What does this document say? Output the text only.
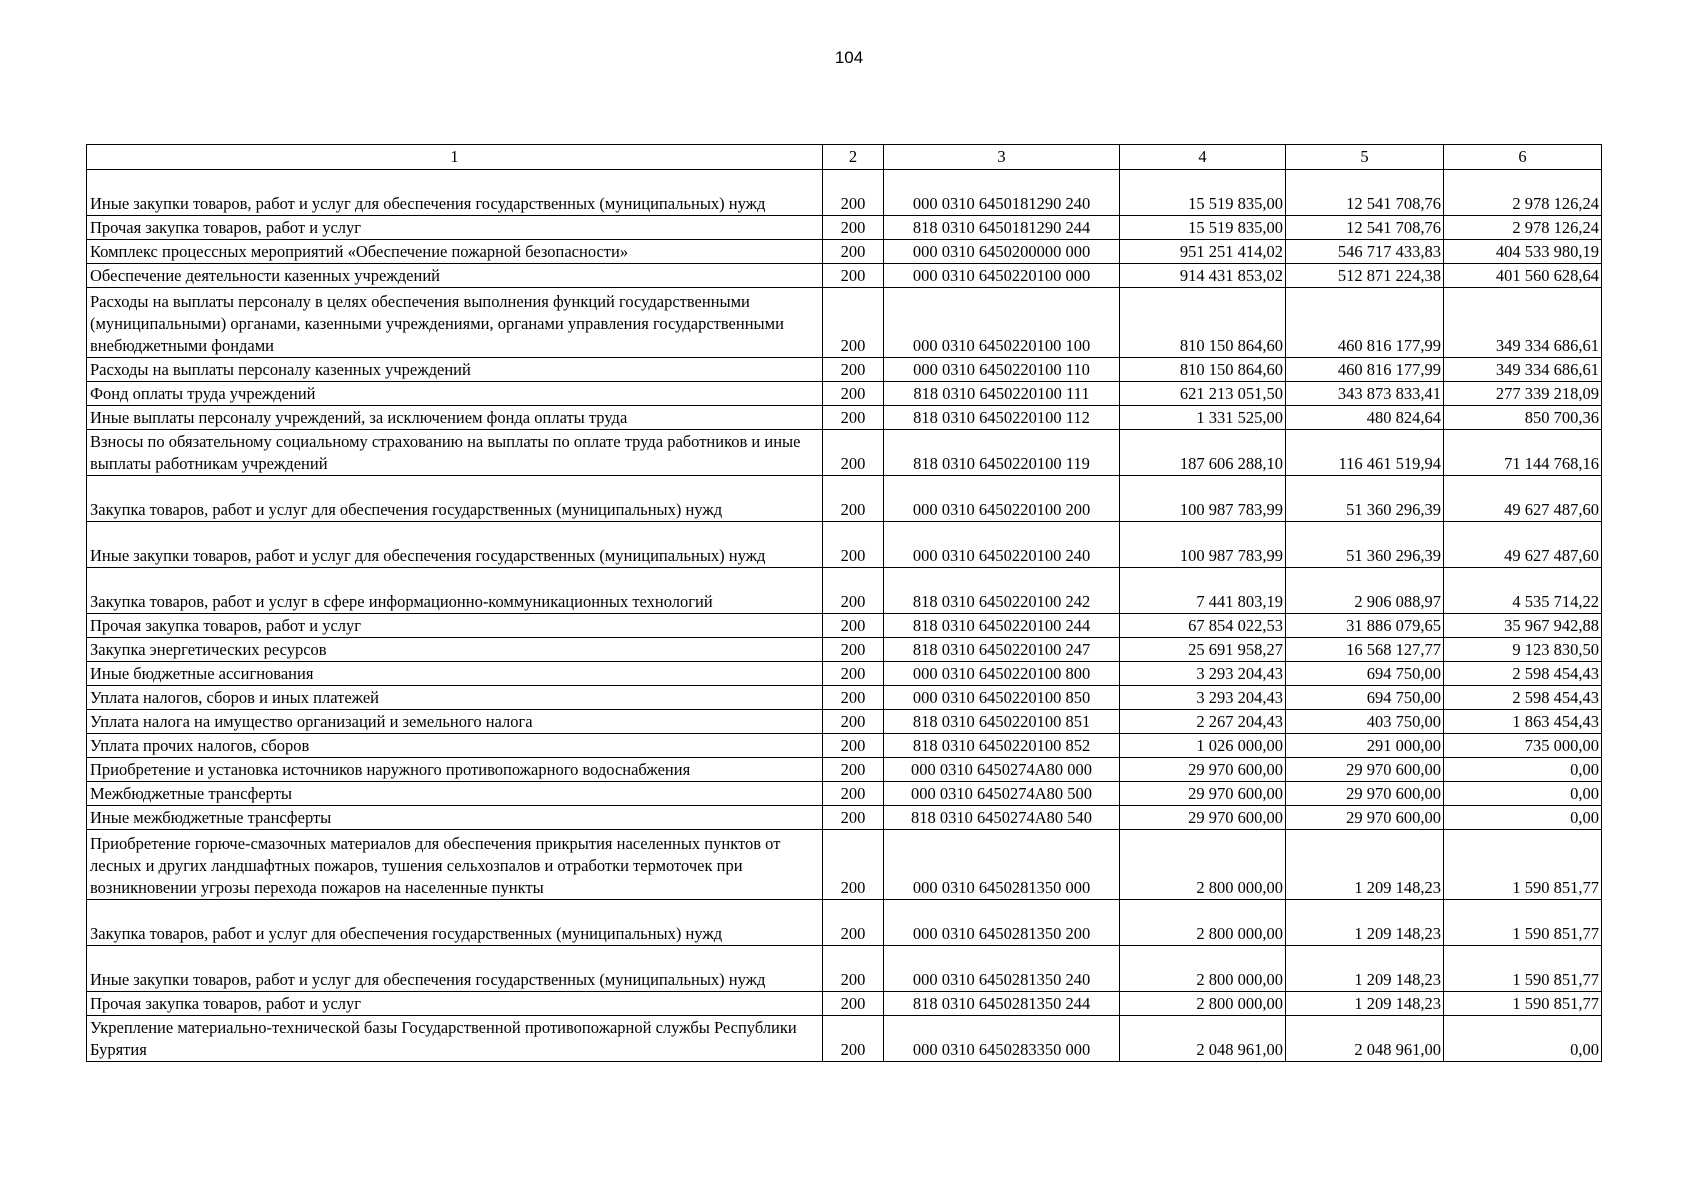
104
1	2	3	4	5	6
Иные закупки товаров, работ и услуг для обеспечения государственных (муниципальных) нужд	200	000 0310 6450181290 240	15 519 835,00	12 541 708,76	2 978 126,24
Прочая закупка товаров, работ и услуг	200	818 0310 6450181290 244	15 519 835,00	12 541 708,76	2 978 126,24
Комплекс процессных мероприятий «Обеспечение пожарной безопасности»	200	000 0310 6450200000 000	951 251 414,02	546 717 433,83	404 533 980,19
Обеспечение деятельности казенных учреждений	200	000 0310 6450220100 000	914 431 853,02	512 871 224,38	401 560 628,64
Расходы на выплаты персоналу в целях обеспечения выполнения функций государственными (муниципальными) органами, казенными учреждениями, органами управления государственными внебюджетными фондами	200	000 0310 6450220100 100	810 150 864,60	460 816 177,99	349 334 686,61
Расходы на выплаты персоналу казенных учреждений	200	000 0310 6450220100 110	810 150 864,60	460 816 177,99	349 334 686,61
Фонд оплаты труда учреждений	200	818 0310 6450220100 111	621 213 051,50	343 873 833,41	277 339 218,09
Иные выплаты персоналу учреждений, за исключением фонда оплаты труда	200	818 0310 6450220100 112	1 331 525,00	480 824,64	850 700,36
Взносы по обязательному социальному страхованию на выплаты по оплате труда работников и иные выплаты работникам учреждений	200	818 0310 6450220100 119	187 606 288,10	116 461 519,94	71 144 768,16
Закупка товаров, работ и услуг для обеспечения государственных (муниципальных) нужд	200	000 0310 6450220100 200	100 987 783,99	51 360 296,39	49 627 487,60
Иные закупки товаров, работ и услуг для обеспечения государственных (муниципальных) нужд	200	000 0310 6450220100 240	100 987 783,99	51 360 296,39	49 627 487,60
Закупка товаров, работ и услуг в сфере информационно-коммуникационных технологий	200	818 0310 6450220100 242	7 441 803,19	2 906 088,97	4 535 714,22
Прочая закупка товаров, работ и услуг	200	818 0310 6450220100 244	67 854 022,53	31 886 079,65	35 967 942,88
Закупка энергетических ресурсов	200	818 0310 6450220100 247	25 691 958,27	16 568 127,77	9 123 830,50
Иные бюджетные ассигнования	200	000 0310 6450220100 800	3 293 204,43	694 750,00	2 598 454,43
Уплата налогов, сборов и иных платежей	200	000 0310 6450220100 850	3 293 204,43	694 750,00	2 598 454,43
Уплата налога на имущество организаций и земельного налога	200	818 0310 6450220100 851	2 267 204,43	403 750,00	1 863 454,43
Уплата прочих налогов, сборов	200	818 0310 6450220100 852	1 026 000,00	291 000,00	735 000,00
Приобретение и установка источников наружного противопожарного водоснабжения	200	000 0310 6450274А80 000	29 970 600,00	29 970 600,00	0,00
Межбюджетные трансферты	200	000 0310 6450274А80 500	29 970 600,00	29 970 600,00	0,00
Иные межбюджетные трансферты	200	818 0310 6450274А80 540	29 970 600,00	29 970 600,00	0,00
Приобретение горюче-смазочных материалов для обеспечения прикрытия населенных пунктов от лесных и других ландшафтных пожаров, тушения сельхозпалов и отработки термоточек при возникновении угрозы перехода пожаров на населенные пункты	200	000 0310 6450281350 000	2 800 000,00	1 209 148,23	1 590 851,77
Закупка товаров, работ и услуг для обеспечения государственных (муниципальных) нужд	200	000 0310 6450281350 200	2 800 000,00	1 209 148,23	1 590 851,77
Иные закупки товаров, работ и услуг для обеспечения государственных (муниципальных) нужд	200	000 0310 6450281350 240	2 800 000,00	1 209 148,23	1 590 851,77
Прочая закупка товаров, работ и услуг	200	818 0310 6450281350 244	2 800 000,00	1 209 148,23	1 590 851,77
Укрепление материально-технической базы Государственной противопожарной службы Республики Бурятия	200	000 0310 6450283350 000	2 048 961,00	2 048 961,00	0,00
